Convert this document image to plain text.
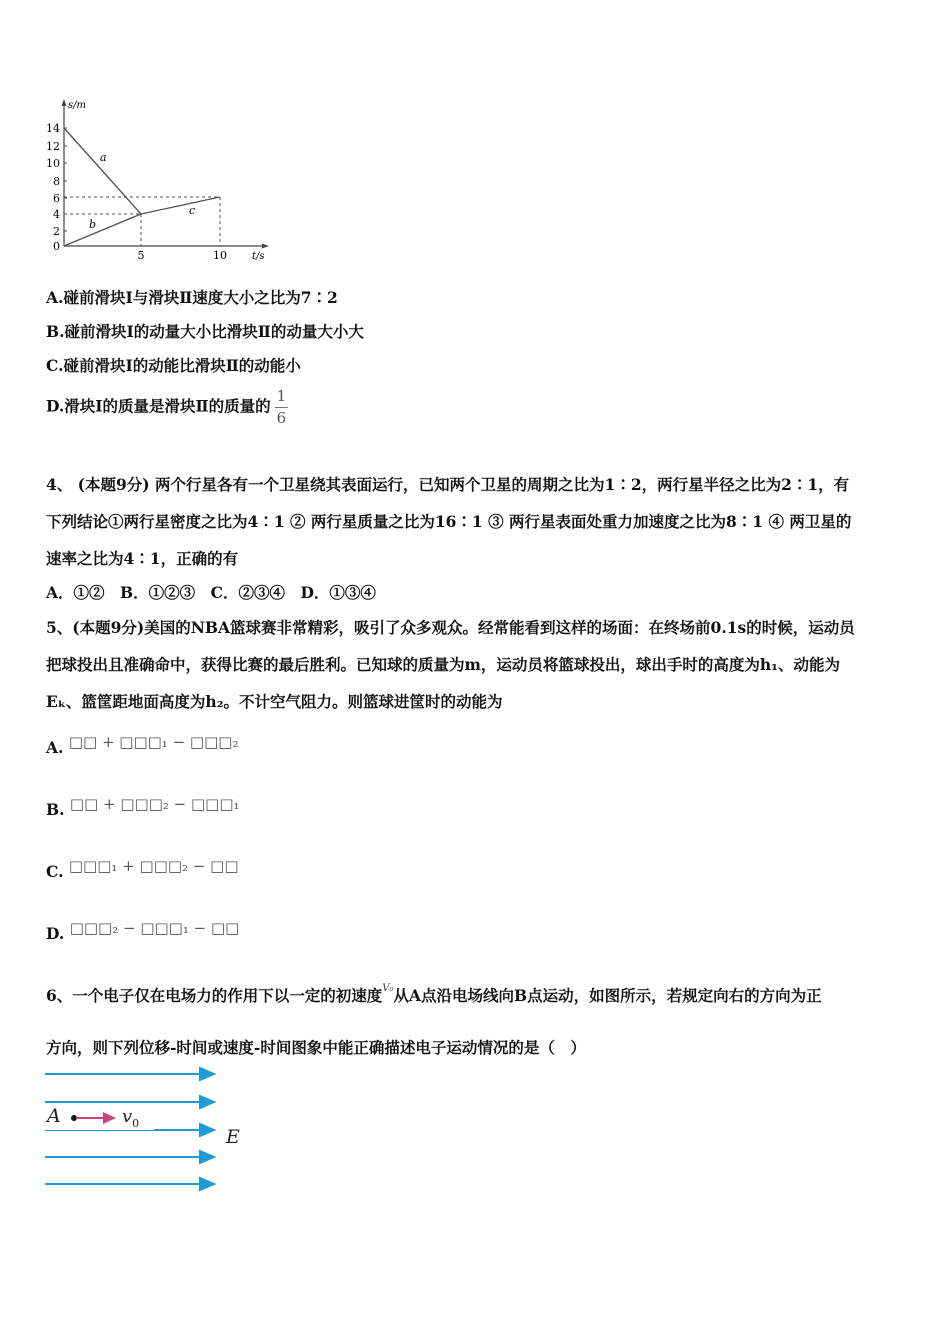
s/m
t/s
14
12
10
8
6
4
2
0
5	10
a
b
c
A.碰前滑块Ⅰ与滑块Ⅱ速度大小之比为7∶2
B.碰前滑块Ⅰ的动量大小比滑块Ⅱ的动量大小大
C.碰前滑块Ⅰ的动能比滑块Ⅱ的动能小
D.滑块Ⅰ的质量是滑块Ⅱ的质量的 $\frac{1}{6}$
4、 (本题9分) 两个行星各有一个卫星绕其表面运行，已知两个卫星的周期之比为1∶2，两行星半径之比为2∶1，有
下列结论①两行星密度之比为4∶1 ② 两行星质量之比为16∶1 ③ 两行星表面处重力加速度之比为8∶1 ④ 两卫星的
速率之比为4∶1，正确的有
A．①②　B．①②③　C．②③④　D．①③④
5、(本题9分)美国的NBA篮球赛非常精彩，吸引了众多观众。经常能看到这样的场面：在终场前0.1s的时候，运动员
把球投出且准确命中，获得比赛的最后胜利。已知球的质量为m，运动员将篮球投出，球出手时的高度为h₁、动能为
Eₖ、篮筐距地面高度为h₂。不计空气阻力。则篮球进筐时的动能为
A. □□ + □□□₁ − □□□₂
B. □□ + □□□₂ − □□□₁
C. □□□₁ + □□□₂ − □□
D. □□□₂ − □□□₁ − □□
6、一个电子仅在电场力的作用下以一定的初速度$^{V_0}$从A点沿电场线向B点运动，如图所示，若规定向右的方向为正
方向，则下列位移-时间或速度-时间图象中能正确描述电子运动情况的是（　）
A	$v_0$
E
